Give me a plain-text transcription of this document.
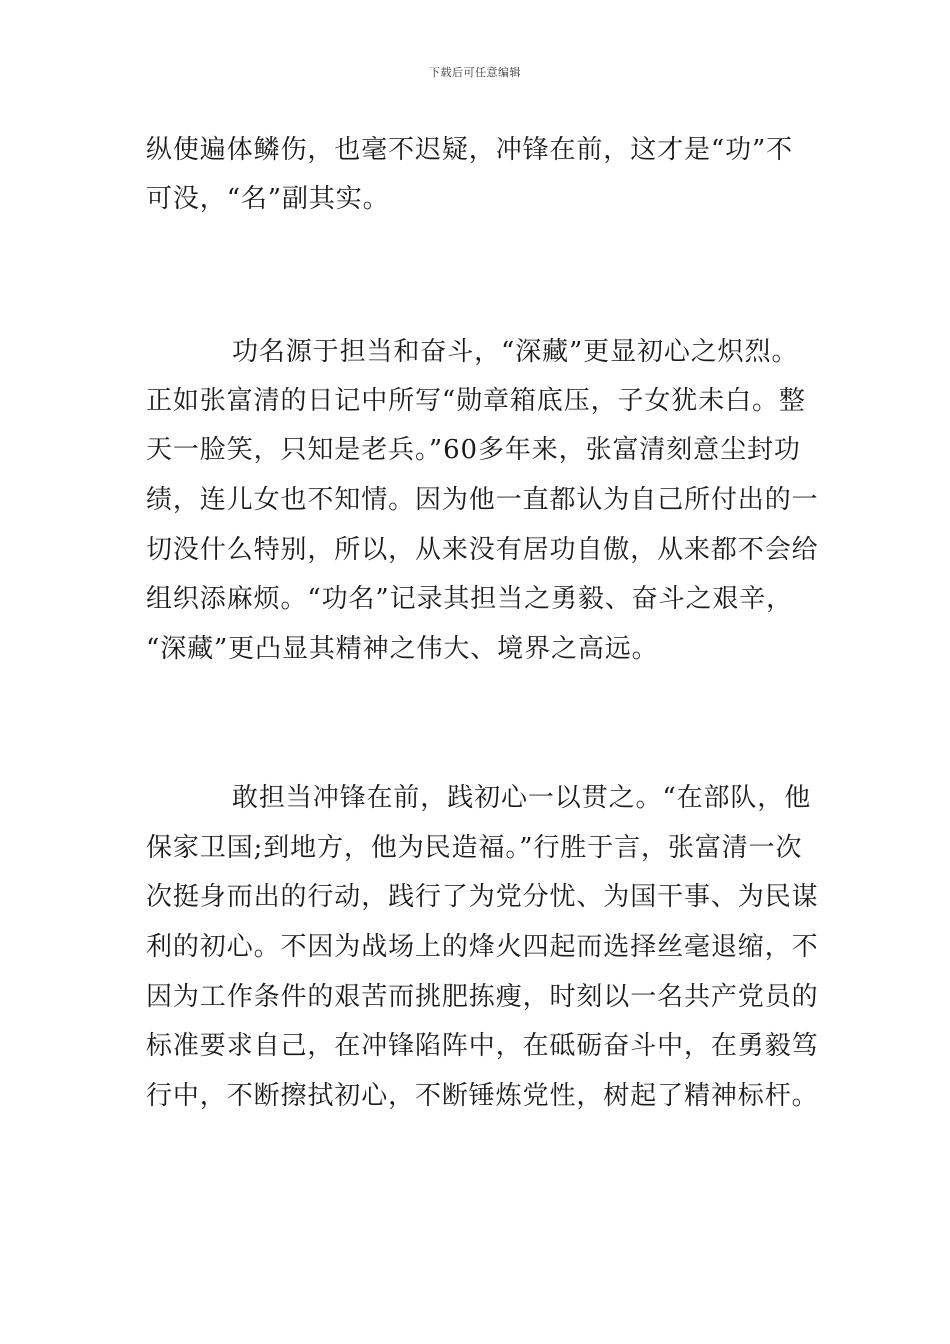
下载后可任意编辑
纵使遍体鳞伤，也毫不迟疑，冲锋在前，这才是“功”不
可没，“名”副其实。
功名源于担当和奋斗，“深藏”更显初心之炽烈。
正如张富清的日记中所写“勋章箱底压，子女犹未白。整
天一脸笑，只知是老兵。”60多年来，张富清刻意尘封功
绩，连儿女也不知情。因为他一直都认为自己所付出的一
切没什么特别，所以，从来没有居功自傲，从来都不会给
组织添麻烦。“功名”记录其担当之勇毅、奋斗之艰辛，
“深藏”更凸显其精神之伟大、境界之高远。
敢担当冲锋在前，践初心一以贯之。“在部队，他
保家卫国;到地方，他为民造福。”行胜于言，张富清一次
次挺身而出的行动，践行了为党分忧、为国干事、为民谋
利的初心。不因为战场上的烽火四起而选择丝毫退缩，不
因为工作条件的艰苦而挑肥拣瘦，时刻以一名共产党员的
标准要求自己，在冲锋陷阵中，在砥砺奋斗中，在勇毅笃
行中，不断擦拭初心，不断锤炼党性，树起了精神标杆。
